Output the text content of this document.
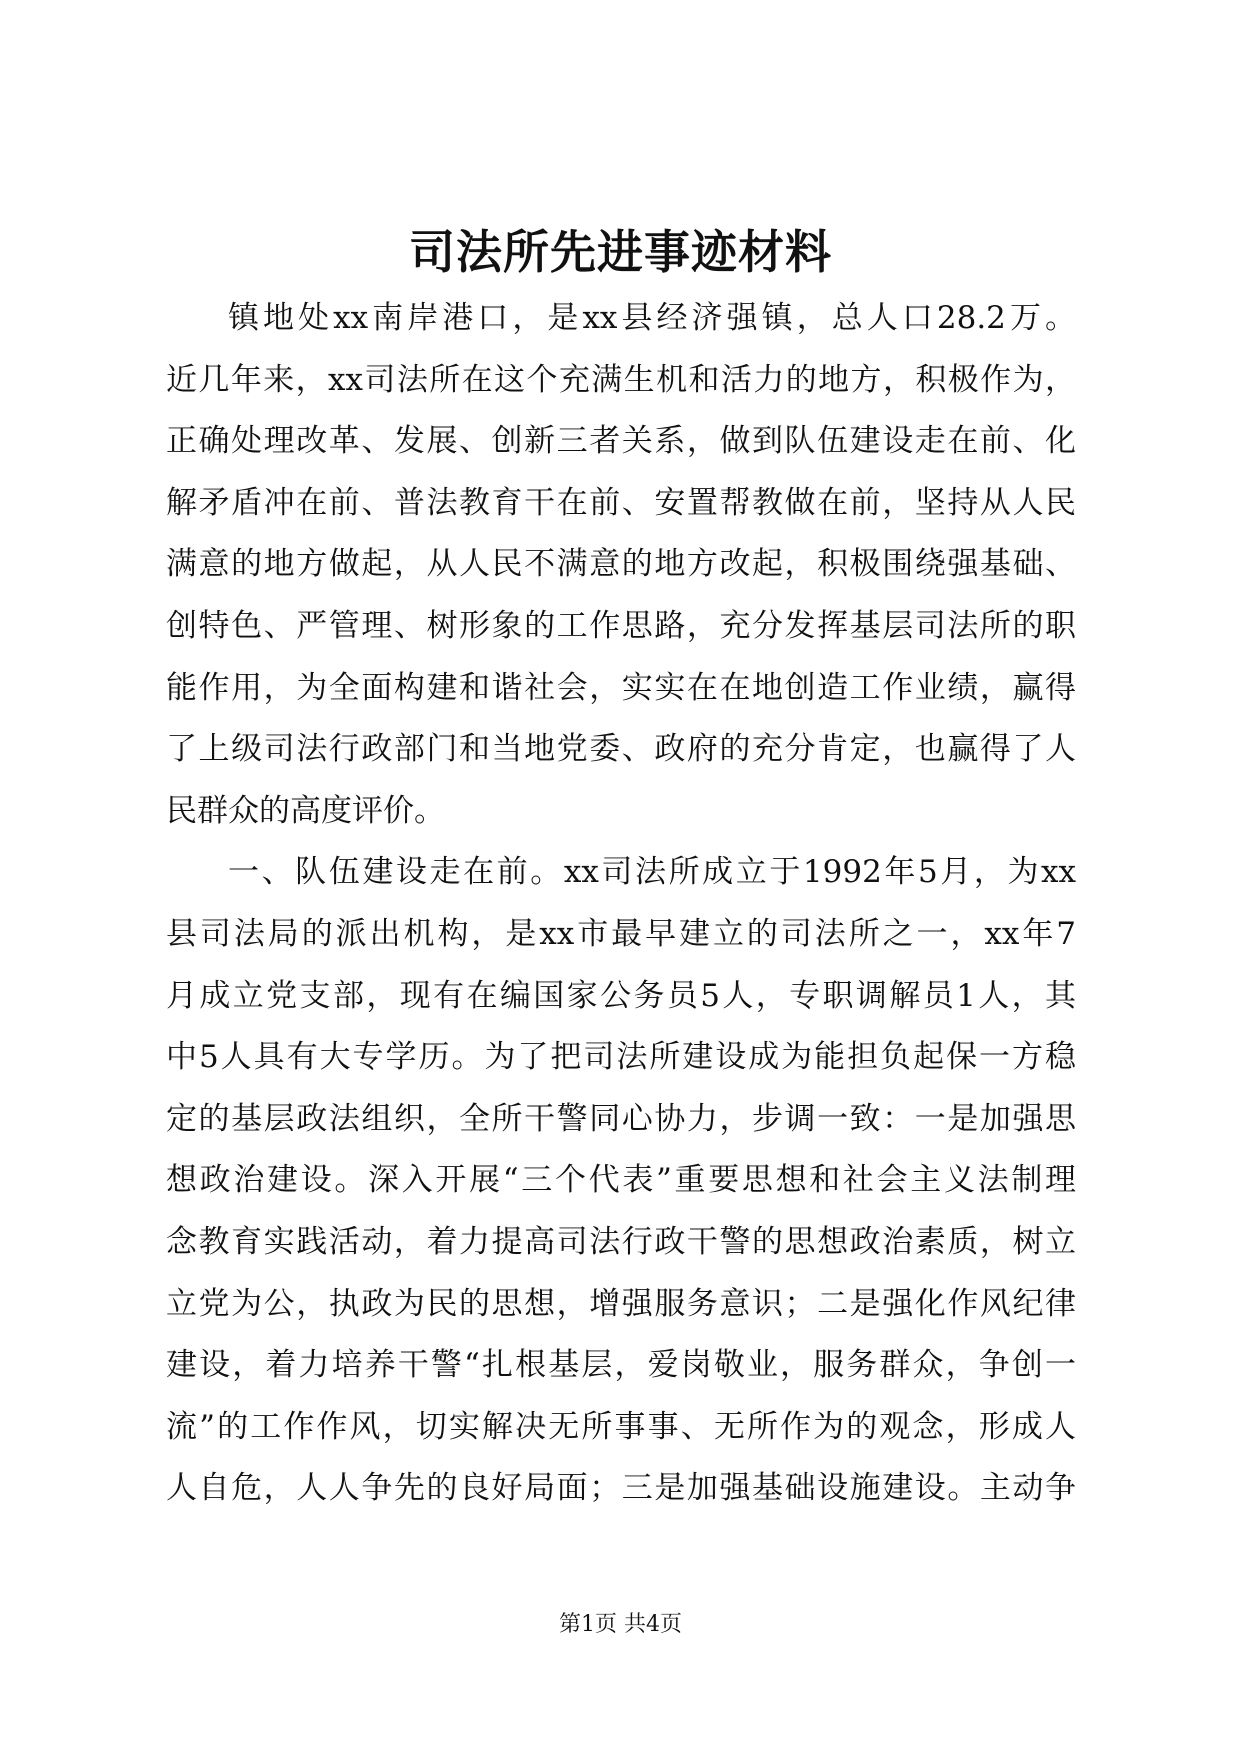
司法所先进事迹材料
镇地处xx南岸港口，是xx县经济强镇，总人口28.2万。
近几年来，xx司法所在这个充满生机和活力的地方，积极作为，
正确处理改革、发展、创新三者关系，做到队伍建设走在前、化
解矛盾冲在前、普法教育干在前、安置帮教做在前，坚持从人民
满意的地方做起，从人民不满意的地方改起，积极围绕强基础、
创特色、严管理、树形象的工作思路，充分发挥基层司法所的职
能作用，为全面构建和谐社会，实实在在地创造工作业绩，赢得
了上级司法行政部门和当地党委、政府的充分肯定，也赢得了人
民群众的高度评价。
一、队伍建设走在前。xx司法所成立于1992年5月，为xx
县司法局的派出机构，是xx市最早建立的司法所之一，xx年7
月成立党支部，现有在编国家公务员5人，专职调解员1人，其
中5人具有大专学历。为了把司法所建设成为能担负起保一方稳
定的基层政法组织，全所干警同心协力，步调一致：一是加强思
想政治建设。深入开展“三个代表”重要思想和社会主义法制理
念教育实践活动，着力提高司法行政干警的思想政治素质，树立
立党为公，执政为民的思想，增强服务意识；二是强化作风纪律
建设，着力培养干警“扎根基层，爱岗敬业，服务群众，争创一
流”的工作作风，切实解决无所事事、无所作为的观念，形成人
人自危，人人争先的良好局面；三是加强基础设施建设。主动争
第1页 共4页
